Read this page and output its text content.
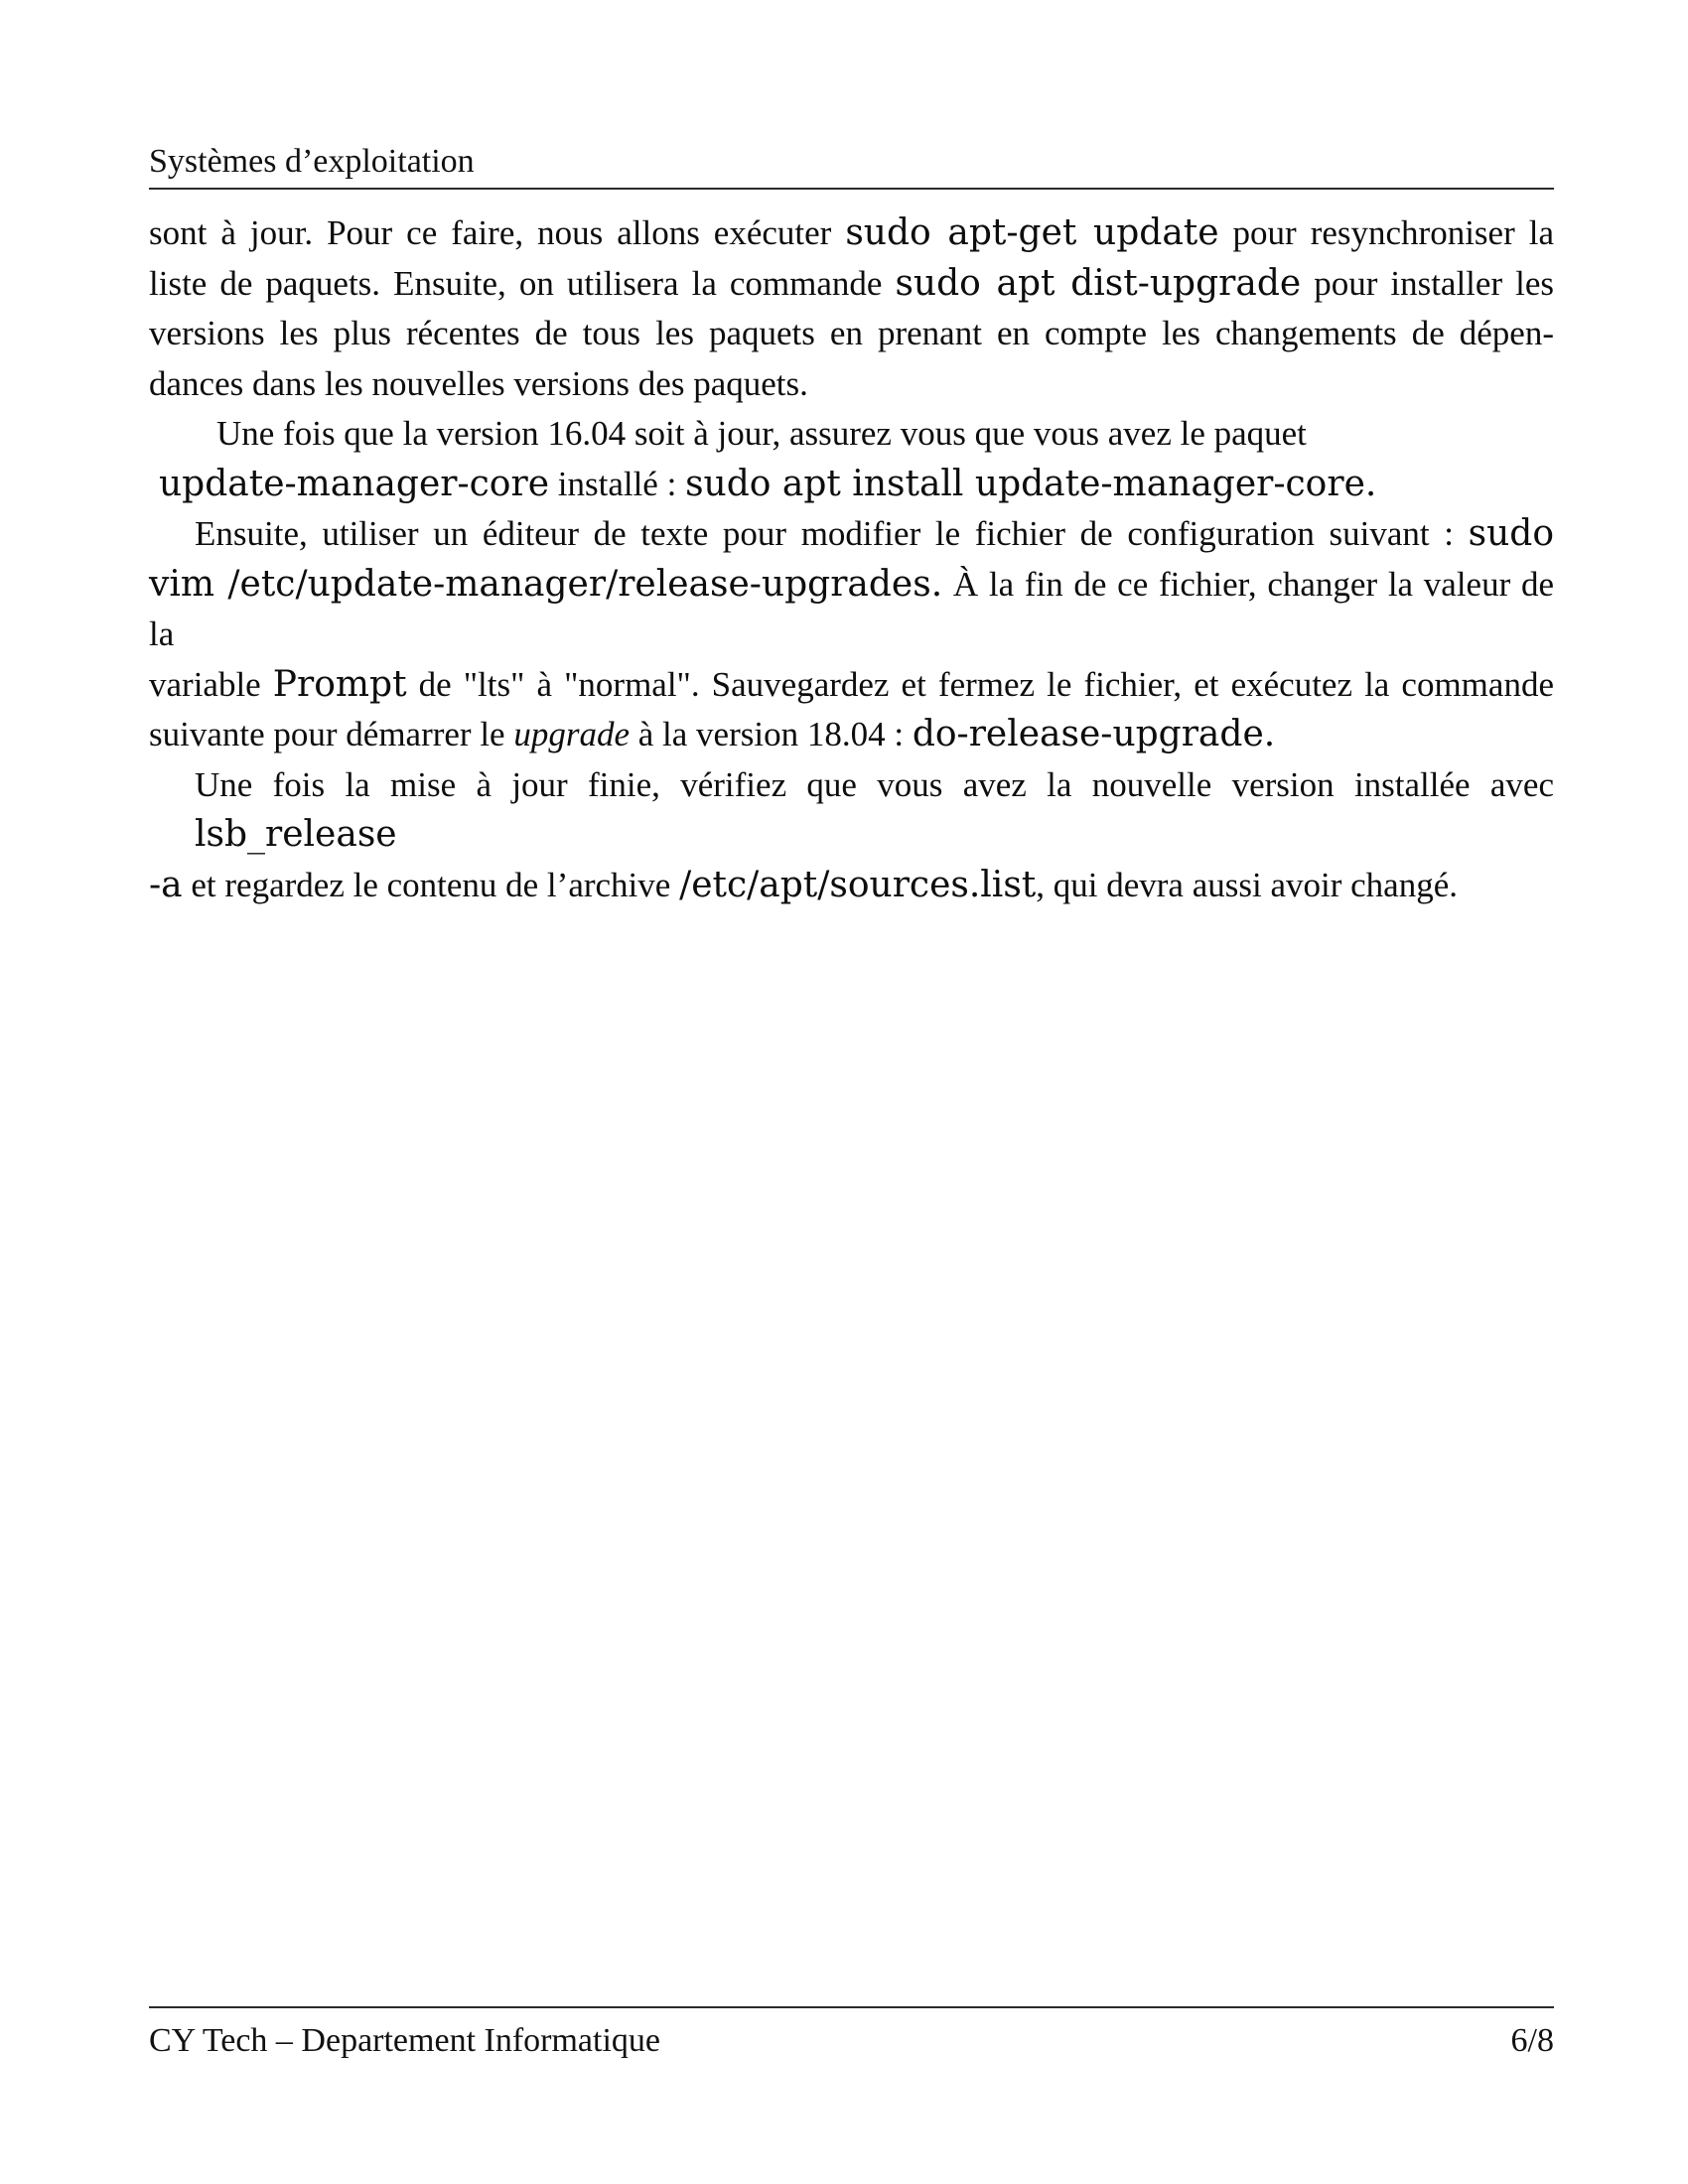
Systèmes d’exploitation
sont à jour. Pour ce faire, nous allons exécuter sudo apt-get update pour resynchroniser la
liste de paquets. Ensuite, on utilisera la commande sudo apt dist-upgrade pour installer les
versions les plus récentes de tous les paquets en prenant en compte les changements de dépen-
dances dans les nouvelles versions des paquets.
Une fois que la version 16.04 soit à jour, assurez vous que vous avez le paquet
update-manager-core installé : sudo apt install update-manager-core.
Ensuite, utiliser un éditeur de texte pour modifier le fichier de configuration suivant : sudo
vim /etc/update-manager/release-upgrades. À la fin de ce fichier, changer la valeur de la
variable Prompt de "lts" à "normal". Sauvegardez et fermez le fichier, et exécutez la commande
suivante pour démarrer le upgrade à la version 18.04 : do-release-upgrade.
Une fois la mise à jour finie, vérifiez que vous avez la nouvelle version installée avec lsb_release
-a et regardez le contenu de l’archive /etc/apt/sources.list, qui devra aussi avoir changé.
CY Tech – Departement Informatique	6/8
